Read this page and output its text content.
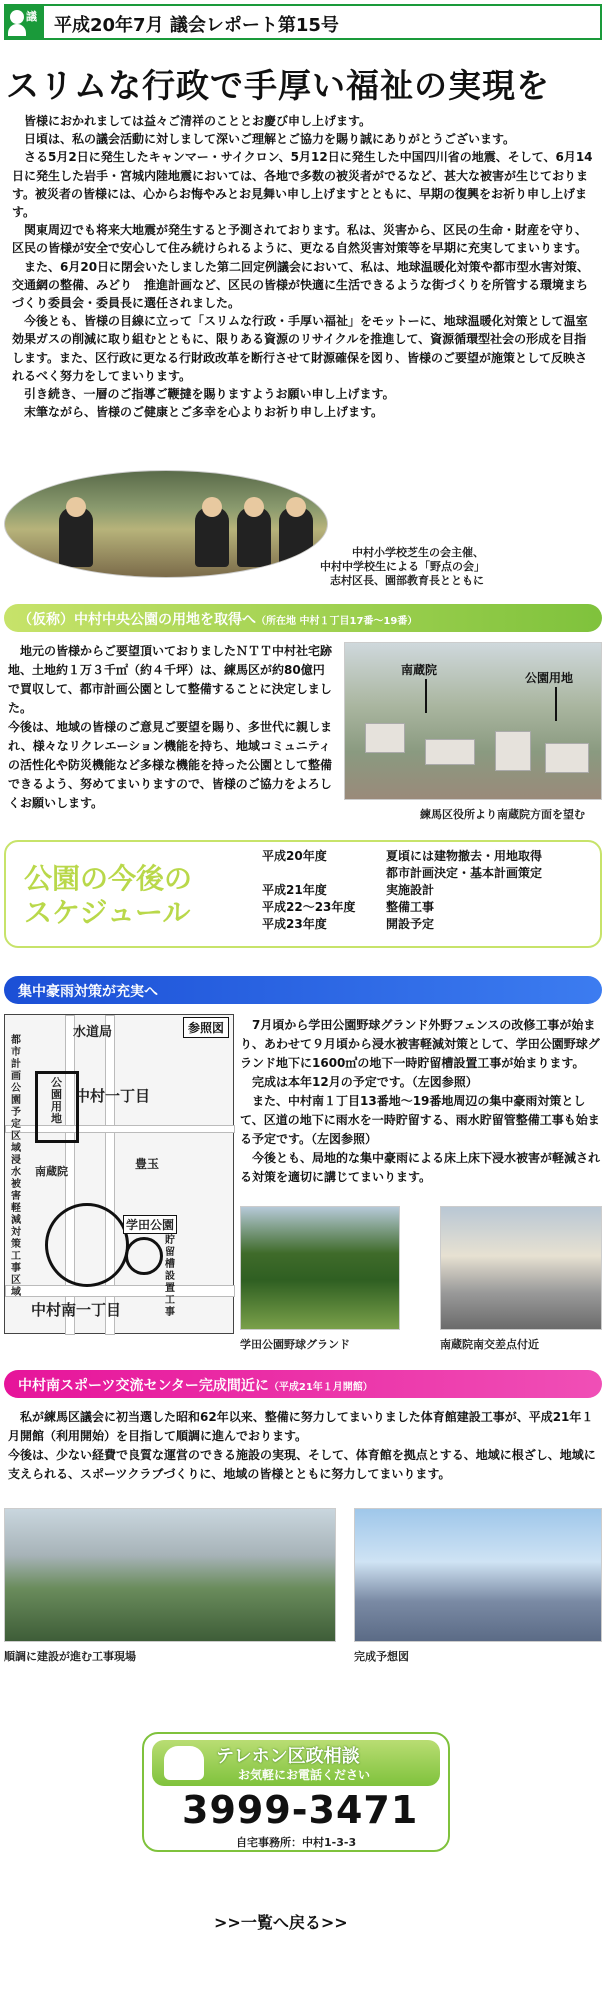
議 平成20年7月 議会レポート第15号
スリムな行政で手厚い福祉の実現を

皆様におかれましては益々ご清祥のこととお慶び申し上げます。

日頃は、私の議会活動に対しまして深いご理解とご協力を賜り誠にありがとうございます。

さる5月2日に発生したキャンマー・サイクロン、5月12日に発生した中国四川省の地震、そして、6月14日に発生した岩手・宮城内陸地震においては、各地で多数の被災者がでるなど、甚大な被害が生じております。被災者の皆様には、心からお悔やみとお見舞い申し上げますとともに、早期の復興をお祈り申し上げます。

関東周辺でも将来大地震が発生すると予測されております。私は、災害から、区民の生命・財産を守り、区民の皆様が安全で安心して住み続けられるように、更なる自然災害対策等を早期に充実してまいります。

また、6月20日に閉会いたしました第二回定例議会において、私は、地球温暖化対策や都市型水害対策、交通網の整備、みどり　推進計画など、区民の皆様が快適に生活できるような街づくりを所管する環境まちづくり委員会・委員長に選任されました。

今後とも、皆様の目線に立って「スリムな行政・手厚い福祉」をモットーに、地球温暖化対策として温室効果ガスの削減に取り組むとともに、限りある資源のリサイクルを推進して、資源循環型社会の形成を目指します。また、区行政に更なる行財政改革を断行させて財源確保を図り、皆様のご要望が施策として反映されるべく努力をしてまいります。

引き続き、一層のご指導ご鞭撻を賜りますようお願い申し上げます。

末筆ながら、皆様のご健康とご多幸を心よりお祈り申し上げます。

中村小学校芝生の会主催、
中村中学校生による「野点の会」
志村区長、園部教育長とともに
（仮称）中村中央公園の用地を取得へ（所在地 中村１丁目17番〜19番）

地元の皆様からご要望頂いておりましたＮＴＴ中村社宅跡地、土地約１万３千㎡（約４千坪）は、練馬区が約80億円で買収して、都市計画公園として整備することに決定しました。

今後は、地域の皆様のご意見ご要望を賜り、多世代に親しまれ、様々なリクレエーション機能を持ち、地域コミュニティの活性化や防災機能など多様な機能を持った公園として整備できるよう、努めてまいりますので、皆様のご協力をよろしくお願いします。

南蔵院
公園用地
練馬区役所より南蔵院方面を望む
公園の今後の
スケジュール
平成20年度	夏頃には建物撤去・用地取得
都市計画決定・基本計画策定
平成21年度	実施設計
平成22〜23年度	整備工事
平成23年度	開設予定
集中豪雨対策が充実へ
参照図
水道局
中村一丁目
公園用地
都市計画公園予定区域
浸水被害軽減対策工事区域
南蔵院
豊玉
学田公園
貯留槽設置工事
中村南一丁目

7月頃から学田公園野球グランド外野フェンスの改修工事が始まり、あわせて９月頃から浸水被害軽減対策として、学田公園野球グランド地下に1600㎥の地下一時貯留槽設置工事が始まります。

完成は本年12月の予定です。（左図参照）

また、中村南１丁目13番地〜19番地周辺の集中豪雨対策として、区道の地下に雨水を一時貯留する、雨水貯留管整備工事も始まる予定です。（左図参照）

今後とも、局地的な集中豪雨による床上床下浸水被害が軽減される対策を適切に講じてまいります。

学田公園野球グランド	南蔵院南交差点付近
中村南スポーツ交流センター完成間近に（平成21年１月開館）

私が練馬区議会に初当選した昭和62年以来、整備に努力してまいりました体育館建設工事が、平成21年１月開館（利用開始）を目指して順調に進んでおります。

今後は、少ない経費で良質な運営のできる施設の実現、そして、体育館を拠点とする、地域に根ざし、地域に支えられる、スポーツクラブづくりに、地域の皆様とともに努力してまいります。

順調に建設が進む工事現場	完成予想図
テレホン区政相談
お気軽にお電話ください
3999-3471
自宅事務所：中村1-3-3
>>一覧へ戻る>>
